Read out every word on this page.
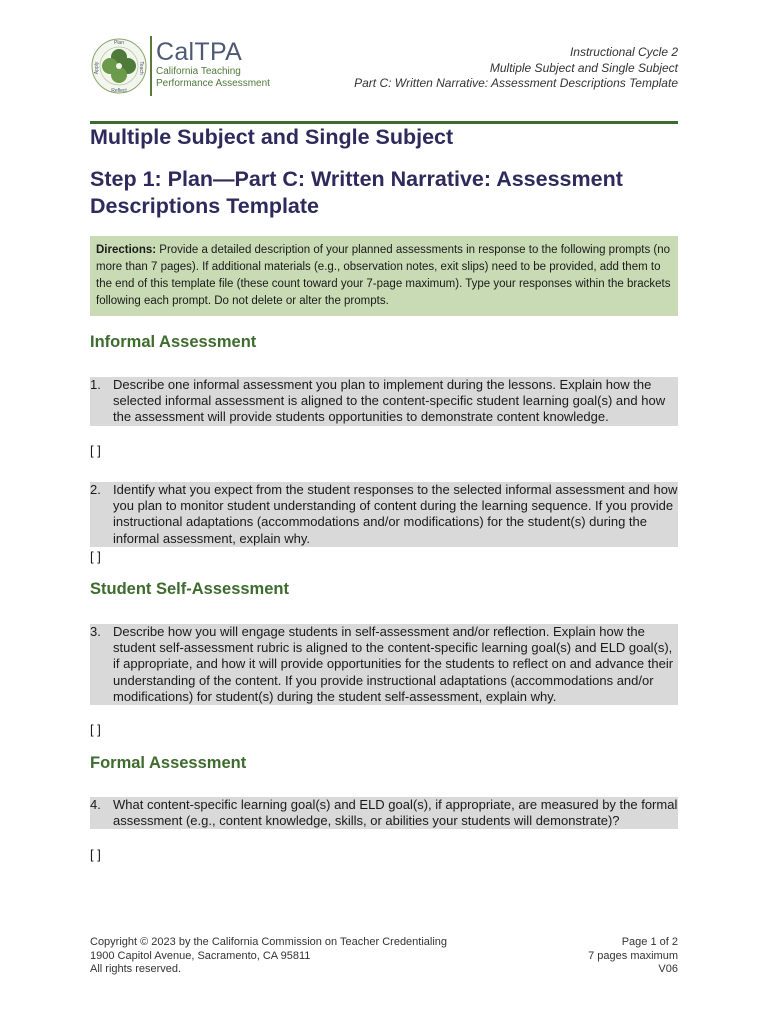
Plan
Teach
Reflect
Apply
CalTPA
California Teaching
Performance Assessment
Instructional Cycle 2
Multiple Subject and Single Subject
Part C: Written Narrative: Assessment Descriptions Template
Multiple Subject and Single Subject
Step 1: Plan—Part C: Written Narrative: Assessment Descriptions Template
Directions: Provide a detailed description of your planned assessments in response to the following prompts (no more than 7 pages). If additional materials (e.g., observation notes, exit slips) need to be provided, add them to the end of this template file (these count toward your 7-page maximum). Type your responses within the brackets following each prompt. Do not delete or alter the prompts.
Informal Assessment
1. Describe one informal assessment you plan to implement during the lessons. Explain how the selected informal assessment is aligned to the content-specific student learning goal(s) and how the assessment will provide students opportunities to demonstrate content knowledge.
[ ]
2. Identify what you expect from the student responses to the selected informal assessment and how you plan to monitor student understanding of content during the learning sequence. If you provide instructional adaptations (accommodations and/or modifications) for the student(s) during the informal assessment, explain why.
[ ]
Student Self-Assessment
3. Describe how you will engage students in self-assessment and/or reflection. Explain how the student self-assessment rubric is aligned to the content-specific learning goal(s) and ELD goal(s), if appropriate, and how it will provide opportunities for the students to reflect on and advance their understanding of the content. If you provide instructional adaptations (accommodations and/or modifications) for student(s) during the student self-assessment, explain why.
[ ]
Formal Assessment
4. What content-specific learning goal(s) and ELD goal(s), if appropriate, are measured by the formal assessment (e.g., content knowledge, skills, or abilities your students will demonstrate)?
[ ]
Copyright © 2023 by the California Commission on Teacher Credentialing
1900 Capitol Avenue, Sacramento, CA 95811
All rights reserved.
Page 1 of 2
7 pages maximum
V06
